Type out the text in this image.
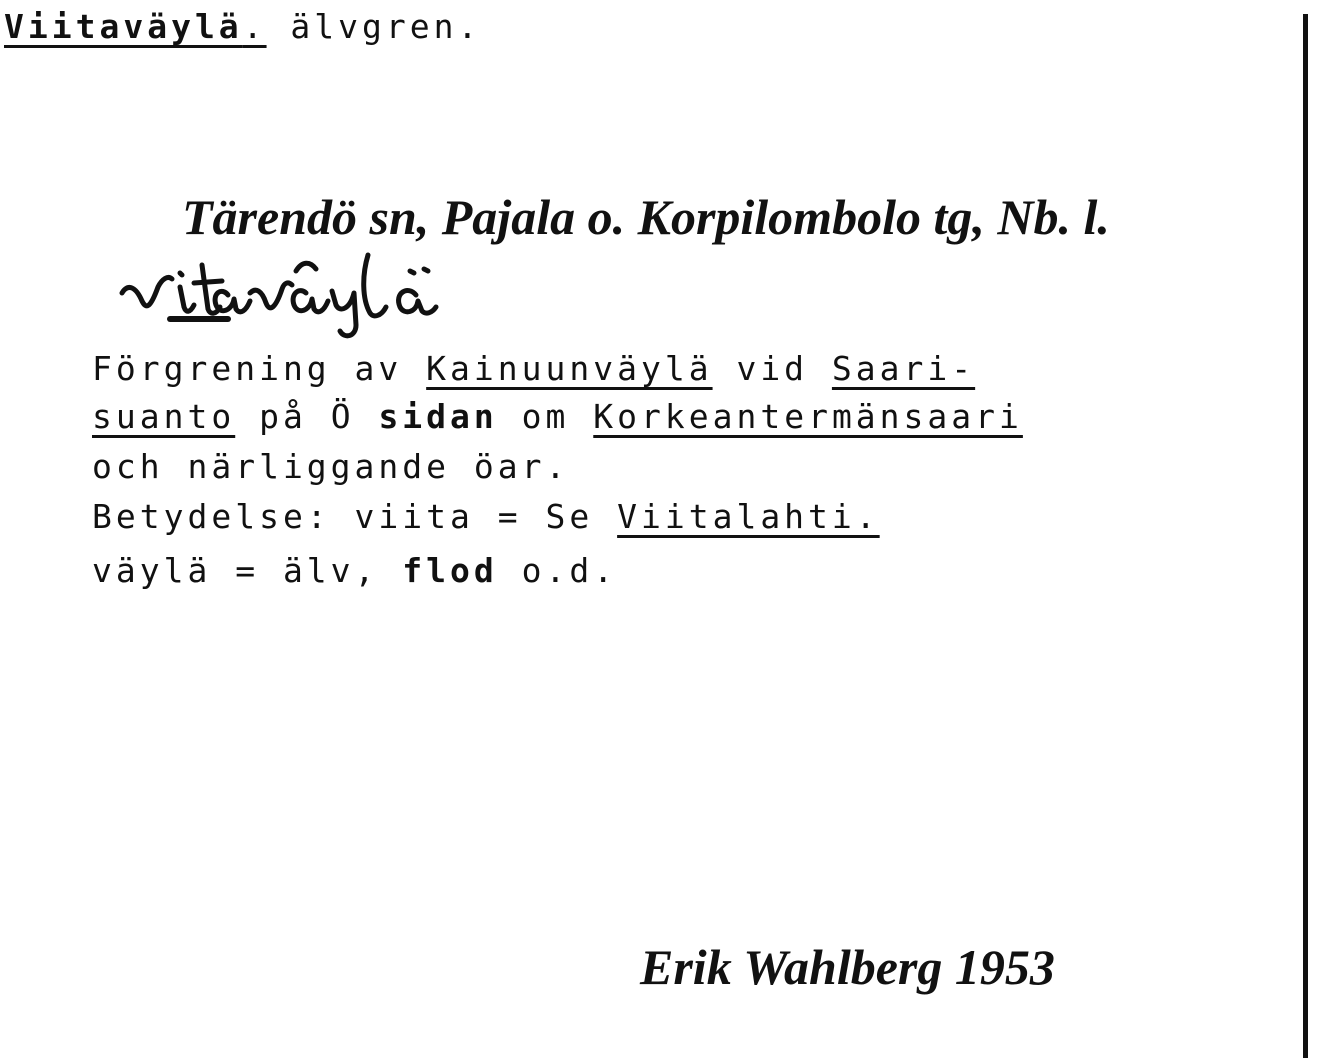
Viitaväylä. älvgren.
Tärendö sn, Pajala o. Korpilombolo tg, Nb. l.
Förgrening av Kainuunväylä vid Saari-
suanto på Ö sidan om Korkeantermänsaari
och närliggande öar.
Betydelse: viita = Se Viitalahti.
väylä = älv, flod o.d.
Erik Wahlberg 1953
